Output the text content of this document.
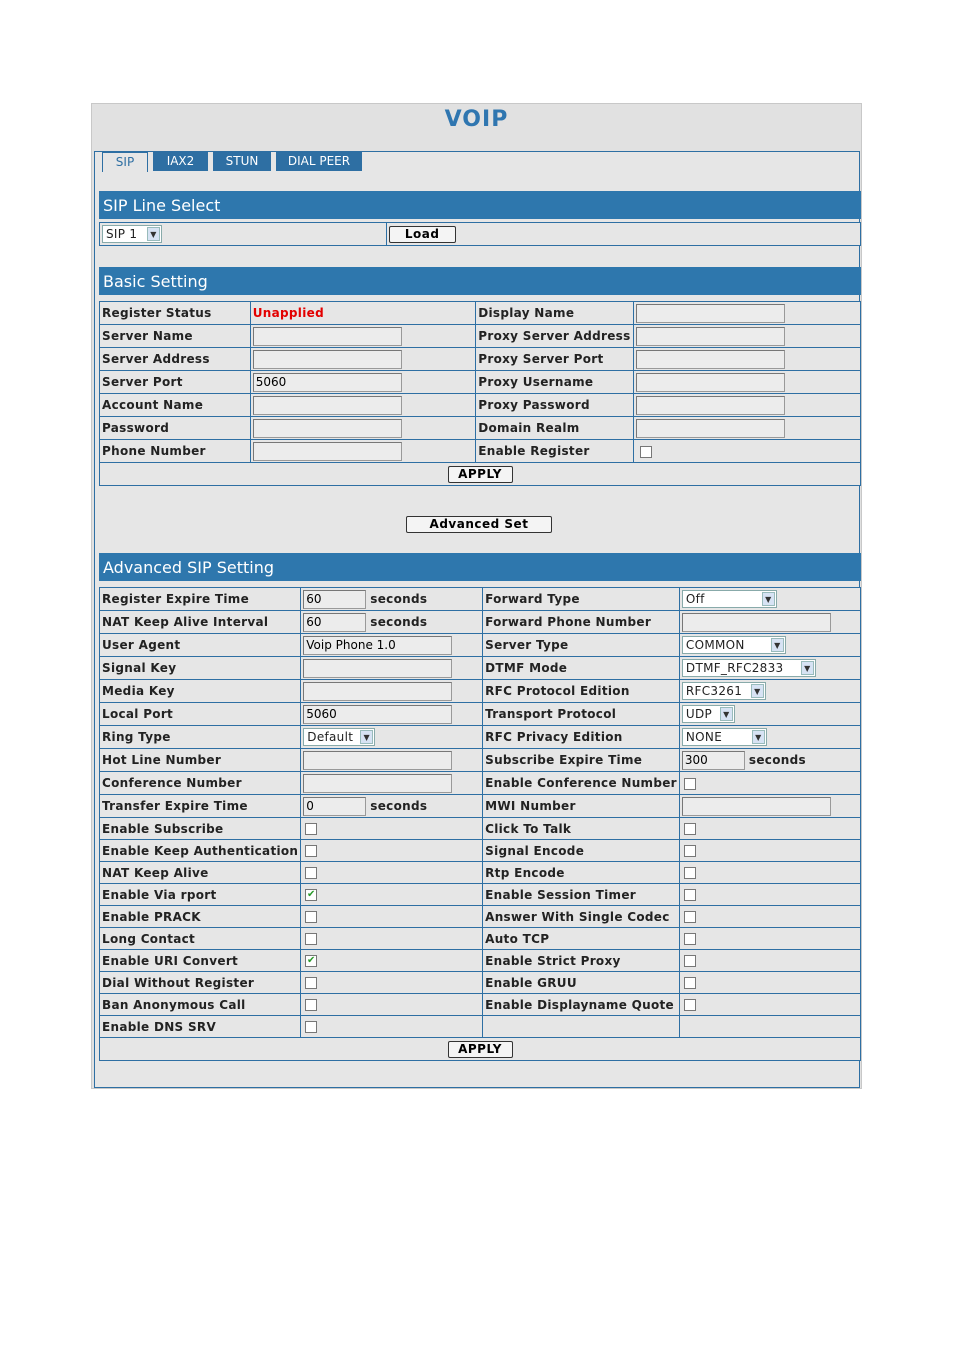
VOIP
SIP	IAX2	STUN	DIAL PEER
SIP Line Select
SIP 1	▼	Load
Basic Setting
Register Status	Unapplied	Display Name	
Server Name		Proxy Server Address	
Server Address		Proxy Server Port	
Server Port	5060	Proxy Username	
Account Name		Proxy Password	
Password		Domain Realm	
Phone Number		Enable Register	
APPLY			
Advanced Set
Advanced SIP Setting
Register Expire Time	60seconds	Forward Type	Off ▼

NAT Keep Alive Interval	60seconds	Forward Phone Number	
User Agent	Voip Phone 1.0	Server Type	COMMON ▼

Signal Key		DTMF Mode	DTMF_RFC2833 ▼

Media Key		RFC Protocol Edition	RFC3261 ▼

Local Port	5060	Transport Protocol	UDP ▼

Ring Type	Default ▼	RFC Privacy Edition	NONE ▼

Hot Line Number		Subscribe Expire Time	300seconds
Conference Number		Enable Conference Number	
Transfer Expire Time	0seconds	MWI Number	
Enable Subscribe		Click To Talk	
Enable Keep Authentication		Signal Encode	
NAT Keep Alive		Rtp Encode	
Enable Via rport	✔	Enable Session Timer	
Enable PRACK		Answer With Single Codec	
Long Contact		Auto TCP	
Enable URI Convert	✔	Enable Strict Proxy	
Dial Without Register		Enable GRUU	
Ban Anonymous Call		Enable Displayname Quote	
Enable DNS SRV			
APPLY			
